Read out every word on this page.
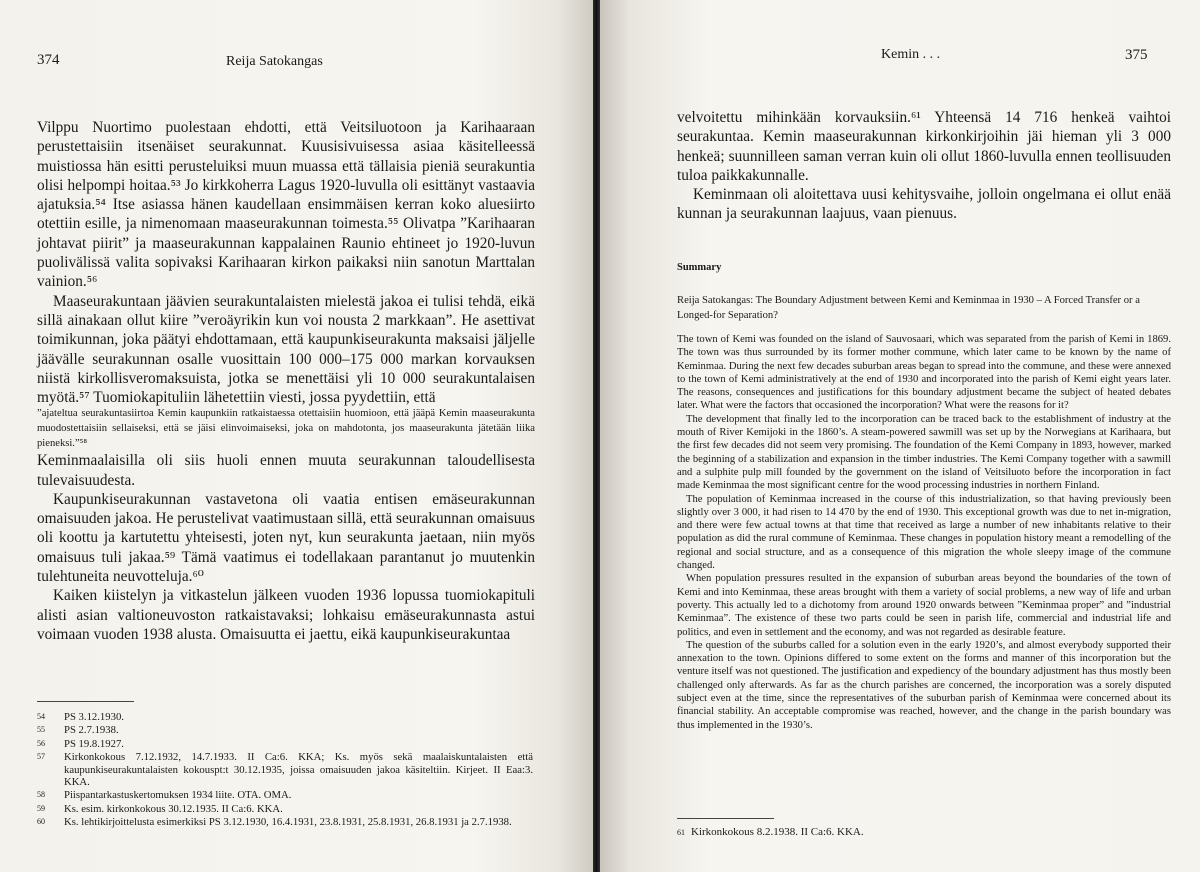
374	Reija Satokangas

Vilppu Nuortimo puolestaan ehdotti, että Veitsiluotoon ja Karihaaraan perustettaisiin itsenäiset seurakunnat. Kuusisivuisessa asiaa käsitelleessä muistiossa hän esitti perusteluiksi muun muassa että tällaisia pieniä seurakuntia olisi helpompi hoitaa.⁵³ Jo kirkkoherra Lagus 1920-luvulla oli esittänyt vastaavia ajatuksia.⁵⁴ Itse asiassa hänen kaudellaan ensimmäisen kerran koko aluesiirto otettiin esille, ja nimenomaan maaseurakunnan toimesta.⁵⁵ Olivatpa ”Karihaaran johtavat piirit” ja maaseurakunnan kappalainen Raunio ehtineet jo 1920-luvun puolivälissä valita sopivaksi Karihaaran kirkon paikaksi niin sanotun Marttalan vainion.⁵⁶

Maaseurakuntaan jäävien seurakuntalaisten mielestä jakoa ei tulisi tehdä, eikä sillä ainakaan ollut kiire ”veroäyrikin kun voi nousta 2 markkaan”. He asettivat toimikunnan, joka päätyi ehdottamaan, että kaupunkiseurakunta maksaisi jäljelle jäävälle seurakunnan osalle vuosittain 100 000–175 000 markan korvauksen niistä kirkollisveromaksuista, jotka se menettäisi yli 10 000 seurakuntalaisen myötä.⁵⁷ Tuomiokapituliin lähetettiin viesti, jossa pyydettiin, että

”ajateltua seurakuntasiirtoa Kemin kaupunkiin ratkaistaessa otettaisiin huomioon, että jääpä Kemin maaseurakunta muodostettaisiin sellaiseksi, että se jäisi elinvoimaiseksi, joka on mahdotonta, jos maaseurakunta jätetään liika pieneksi.”⁵⁸

Keminmaalaisilla oli siis huoli ennen muuta seurakunnan taloudellisesta tulevaisuudesta.

Kaupunkiseurakunnan vastavetona oli vaatia entisen emäseurakunnan omaisuuden jakoa. He perustelivat vaatimustaan sillä, että seurakunnan omaisuus oli koottu ja kartutettu yhteisesti, joten nyt, kun seurakunta jaetaan, niin myös omaisuus tuli jakaa.⁵⁹ Tämä vaatimus ei todellakaan parantanut jo muutenkin tulehtuneita neuvotteluja.⁶⁰

Kaiken kiistelyn ja vitkastelun jälkeen vuoden 1936 lopussa tuomiokapituli alisti asian valtioneuvoston ratkaistavaksi; lohkaisu emäseurakunnasta astui voimaan vuoden 1938 alusta. Omaisuutta ei jaettu, eikä kaupunkiseurakuntaa

54 PS 3.12.1930.
55 PS 2.7.1938.
56 PS 19.8.1927.
57 Kirkonkokous 7.12.1932, 14.7.1933. II Ca:6. KKA; Ks. myös sekä maalaiskuntalaisten että kaupunkiseurakuntalaisten kokouspt:t 30.12.1935, joissa omaisuuden jakoa käsiteltiin. Kirjeet. II Eaa:3. KKA.
58 Piispantarkastuskertomuksen 1934 liite. OTA. OMA.
59 Ks. esim. kirkonkokous 30.12.1935. II Ca:6. KKA.
60 Ks. lehtikirjoittelusta esimerkiksi PS 3.12.1930, 16.4.1931, 23.8.1931, 25.8.1931, 26.8.1931 ja 2.7.1938.
Kemin . . .	375

velvoitettu mihinkään korvauksiin.⁶¹ Yhteensä 14 716 henkeä vaihtoi seurakuntaa. Kemin maaseurakunnan kirkonkirjoihin jäi hieman yli 3 000 henkeä; suunnilleen saman verran kuin oli ollut 1860-luvulla ennen teollisuuden tuloa paikkakunnalle.

Keminmaan oli aloitettava uusi kehitysvaihe, jolloin ongelmana ei ollut enää kunnan ja seurakunnan laajuus, vaan pienuus.

Summary
Reija Satokangas: The Boundary Adjustment between Kemi and Keminmaa in 1930 – A Forced Transfer or a Longed-for Separation?

The town of Kemi was founded on the island of Sauvosaari, which was separated from the parish of Kemi in 1869. The town was thus surrounded by its former mother commune, which later came to be known by the name of Keminmaa. During the next few decades suburban areas began to spread into the commune, and these were annexed to the town of Kemi administratively at the end of 1930 and incorporated into the parish of Kemi eight years later. The reasons, consequences and justifications for this boundary adjustment became the subject of heated debates later. What were the factors that occasioned the incorporation? What were the reasons for it?

The development that finally led to the incorporation can be traced back to the establishment of industry at the mouth of River Kemijoki in the 1860’s. A steam-powered sawmill was set up by the Norwegians at Karihaara, but the first few decades did not seem very promising. The foundation of the Kemi Company in 1893, however, marked the beginning of a stabilization and expansion in the timber industries. The Kemi Company together with a sawmill and a sulphite pulp mill founded by the government on the island of Veitsiluoto before the incorporation in fact made Keminmaa the most significant centre for the wood processing industries in northern Finland.

The population of Keminmaa increased in the course of this industrialization, so that having previously been slightly over 3 000, it had risen to 14 470 by the end of 1930. This exceptional growth was due to net in-migration, and there were few actual towns at that time that received as large a number of new inhabitants relative to their population as did the rural commune of Keminmaa. These changes in population history meant a remodelling of the regional and social structure, and as a consequence of this migration the whole sleepy image of the commune changed.

When population pressures resulted in the expansion of suburban areas beyond the boundaries of the town of Kemi and into Keminmaa, these areas brought with them a variety of social problems, a new way of life and urban poverty. This actually led to a dichotomy from around 1920 onwards between ”Keminmaa proper” and ”industrial Keminmaa”. The existence of these two parts could be seen in parish life, commercial and industrial life and politics, and even in settlement and the economy, and was not regarded as desirable feature.

The question of the suburbs called for a solution even in the early 1920’s, and almost everybody supported their annexation to the town. Opinions differed to some extent on the forms and manner of this incorporation but the venture itself was not questioned. The justification and expediency of the boundary adjustment has thus mostly been challenged only afterwards. As far as the church parishes are concerned, the incorporation was a sorely disputed subject even at the time, since the representatives of the suburban parish of Keminmaa were concerned about its financial stability. An acceptable compromise was reached, however, and the change in the parish boundary was thus implemented in the 1930’s.

61 Kirkonkokous 8.2.1938. II Ca:6. KKA.
